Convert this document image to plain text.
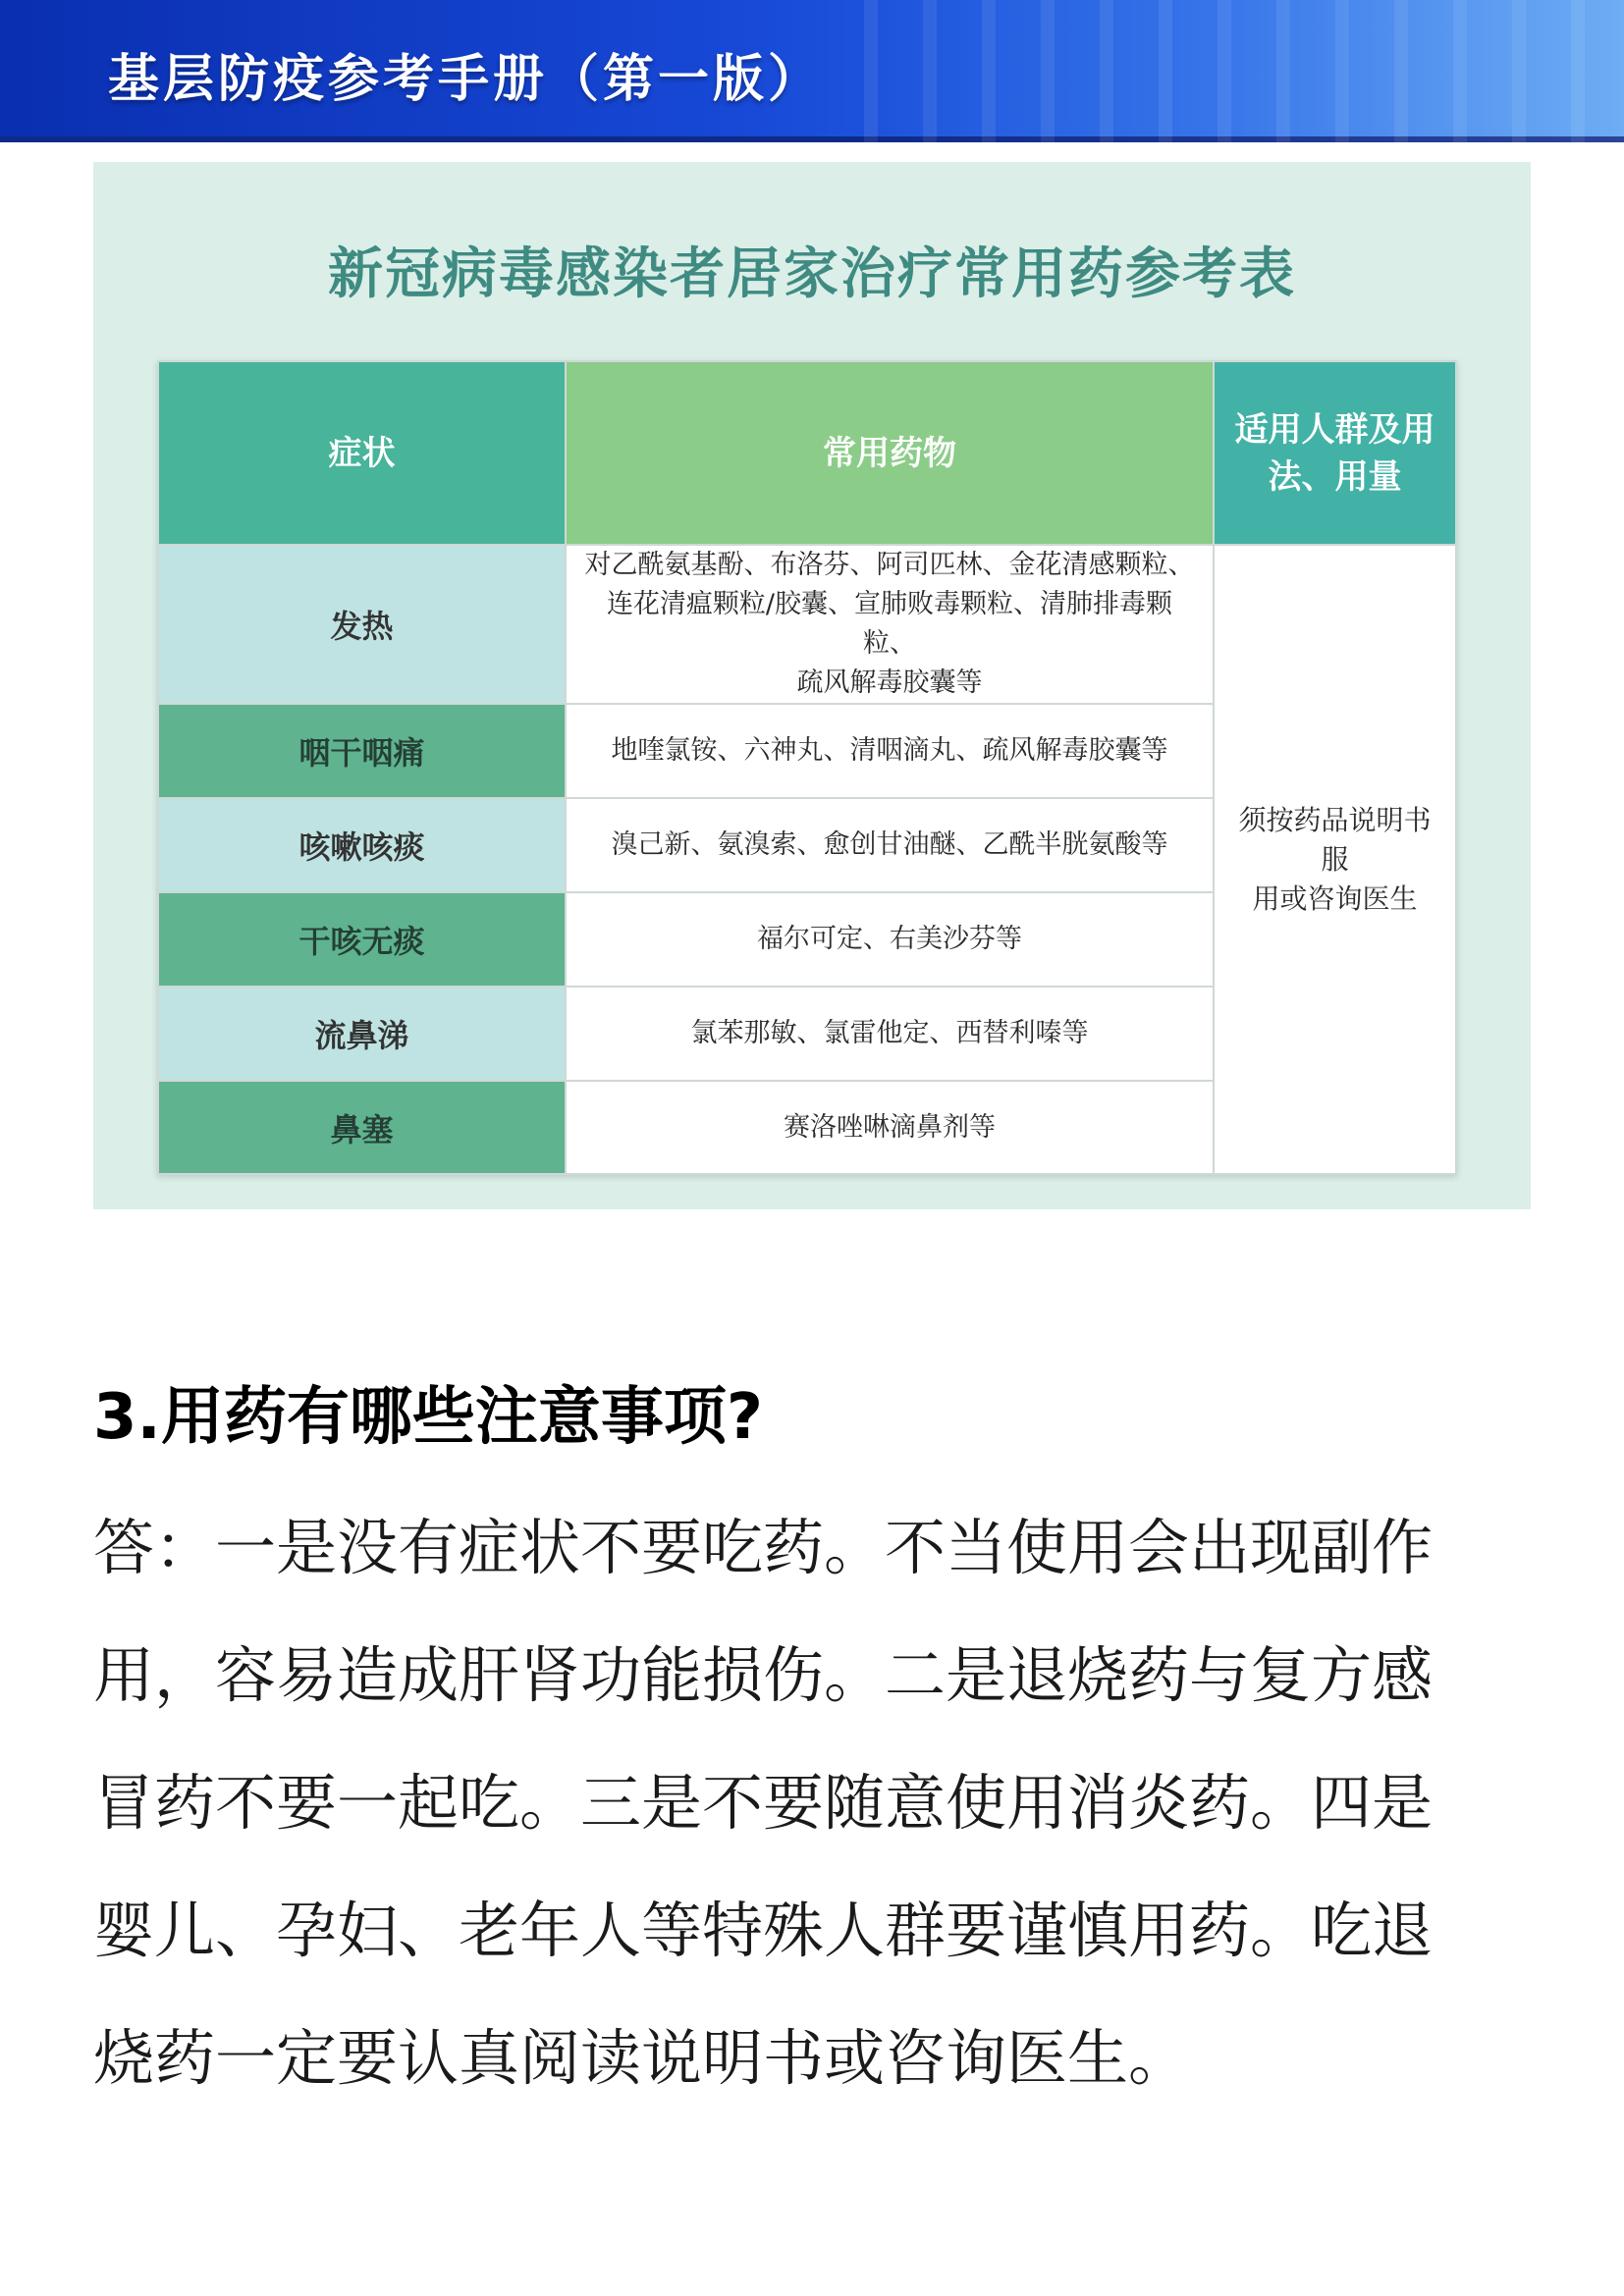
基层防疫参考手册（第一版）
新冠病毒感染者居家治疗常用药参考表
症状	常用药物	适用人群及用
法、用量
发热	对乙酰氨基酚、布洛芬、阿司匹林、金花清感颗粒、
连花清瘟颗粒/胶囊、宣肺败毒颗粒、清肺排毒颗粒、
疏风解毒胶囊等	须按药品说明书服
用或咨询医生
咽干咽痛	地喹氯铵、六神丸、清咽滴丸、疏风解毒胶囊等	
咳嗽咳痰	溴己新、氨溴索、愈创甘油醚、乙酰半胱氨酸等	
干咳无痰	福尔可定、右美沙芬等	
流鼻涕	氯苯那敏、氯雷他定、西替利嗪等	
鼻塞	赛洛唑啉滴鼻剂等	
3.用药有哪些注意事项?
答：一是没有症状不要吃药。不当使用会出现副作
用，容易造成肝肾功能损伤。二是退烧药与复方感
冒药不要一起吃。三是不要随意使用消炎药。四是
婴儿、孕妇、老年人等特殊人群要谨慎用药。吃退
烧药一定要认真阅读说明书或咨询医生。
